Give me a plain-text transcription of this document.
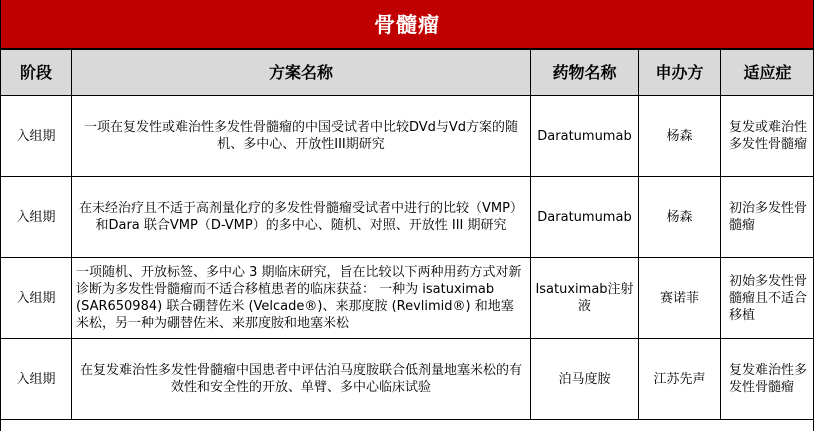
骨髓瘤
阶段	方案名称	药物名称	申办方	适应症
入组期	一项在复发性或难治性多发性骨髓瘤的中国受试者中比较DVd与Vd方案的随机、多中心、开放性III期研究	Daratumumab	杨森	复发或难治性多发性骨髓瘤
入组期	在未经治疗且不适于高剂量化疗的多发性骨髓瘤受试者中进行的比较（VMP）和Dara 联合VMP（D-VMP）的多中心、随机、对照、开放性 III 期研究	Daratumumab	杨森	初治多发性骨髓瘤
入组期	一项随机、开放标签、多中心 3 期临床研究，旨在比较以下两种用药方式对新诊断为多发性骨髓瘤而不适合移植患者的临床获益： 一种为 isatuximab (SAR650984) 联合硼替佐米 (Velcade®)、来那度胺 (Revlimid®) 和地塞米松，另一种为硼替佐米、来那度胺和地塞米松	Isatuximab注射液	赛诺菲	初始多发性骨髓瘤且不适合移植
入组期	在复发难治性多发性骨髓瘤中国患者中评估泊马度胺联合低剂量地塞米松的有效性和安全性的开放、单臂、多中心临床试验	泊马度胺	江苏先声	复发难治性多发性骨髓瘤
